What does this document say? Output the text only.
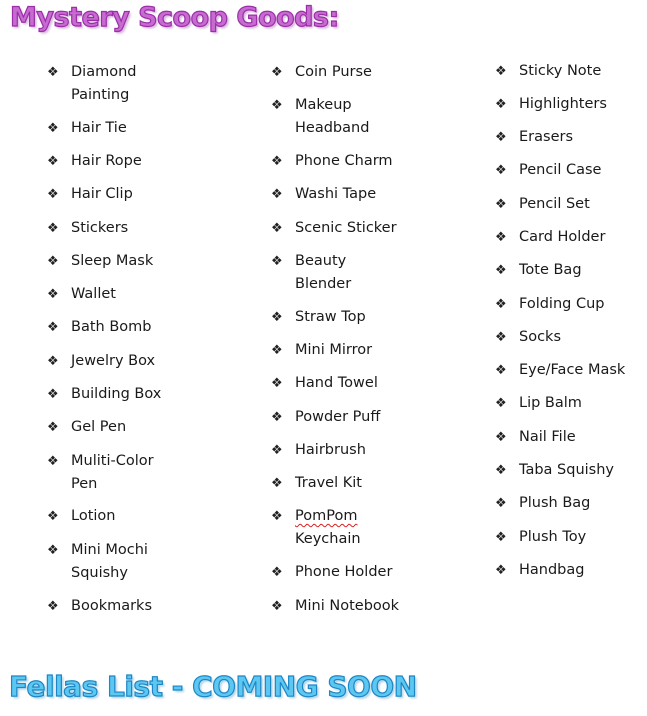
Mystery Scoop Goods:
❖ Diamond Painting
❖ Hair Tie
❖ Hair Rope
❖ Hair Clip
❖ Stickers
❖ Sleep Mask
❖ Wallet
❖ Bath Bomb
❖ Jewelry Box
❖ Building Box
❖ Gel Pen
❖ Muliti-Color Pen
❖ Lotion
❖ Mini Mochi Squishy
❖ Bookmarks
❖ Coin Purse
❖ Makeup Headband
❖ Phone Charm
❖ Washi Tape
❖ Scenic Sticker
❖ Beauty Blender
❖ Straw Top
❖ Mini Mirror
❖ Hand Towel
❖ Powder Puff
❖ Hairbrush
❖ Travel Kit
❖ PomPom Keychain
❖ Phone Holder
❖ Mini Notebook
❖ Sticky Note
❖ Highlighters
❖ Erasers
❖ Pencil Case
❖ Pencil Set
❖ Card Holder
❖ Tote Bag
❖ Folding Cup
❖ Socks
❖ Eye/Face Mask
❖ Lip Balm
❖ Nail File
❖ Taba Squishy
❖ Plush Bag
❖ Plush Toy
❖ Handbag
Fellas List - COMING SOON
